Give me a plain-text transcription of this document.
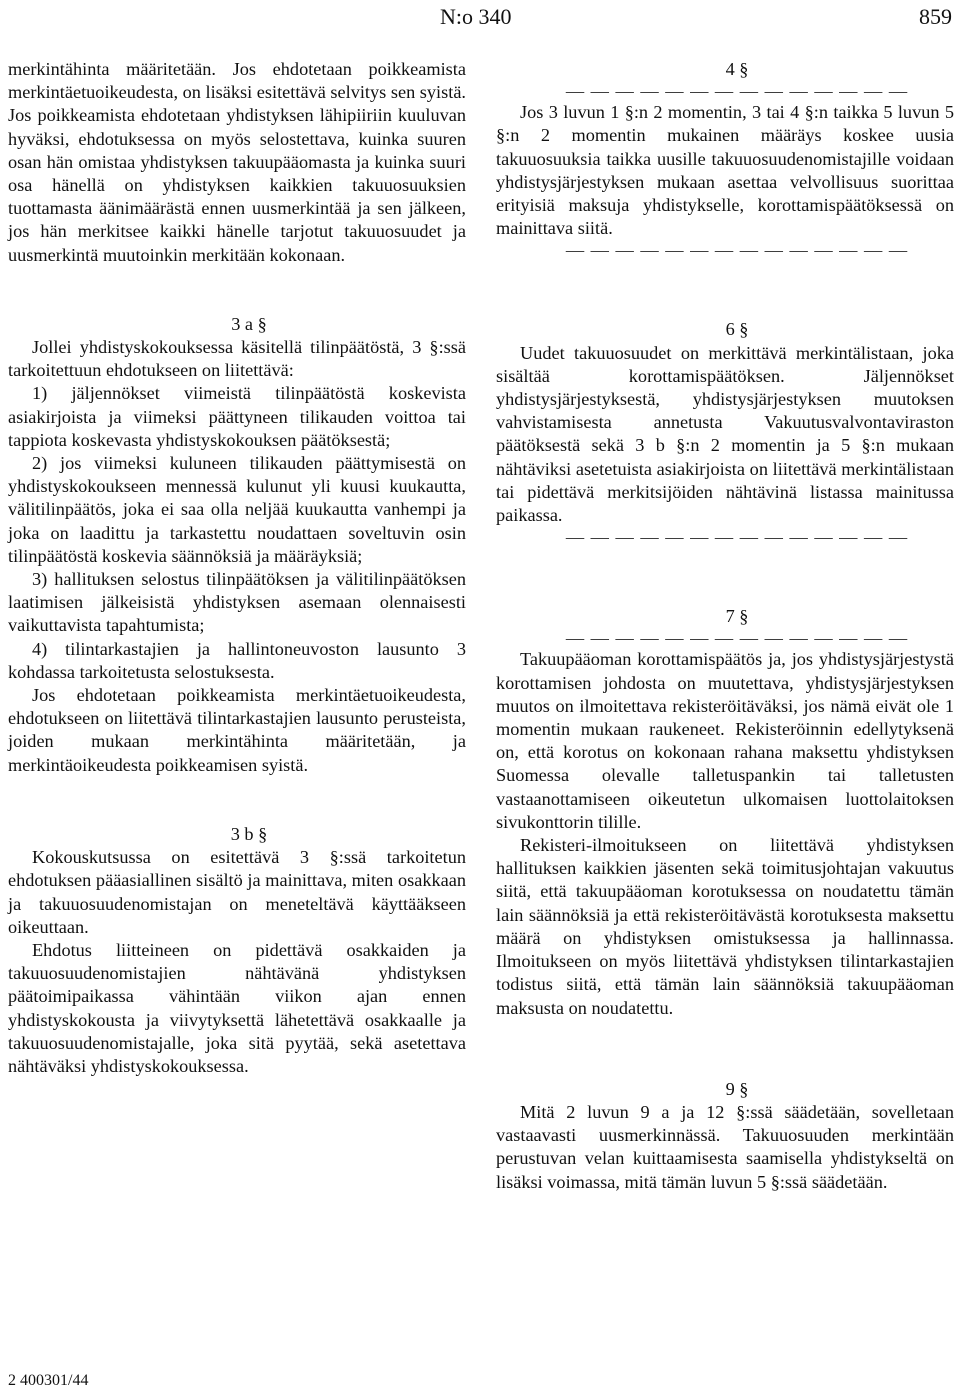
N:o 340	859

merkintähinta määritetään. Jos ehdotetaan poikkeamista merkintäetuoikeudesta, on lisäksi esitettävä selvitys sen syistä. Jos poikkeamista ehdotetaan yhdistyksen lähipiiriin kuuluvan hyväksi, ehdotuksessa on myös selostettava, kuinka suuren osan hän omistaa yhdistyksen takuupääomasta ja kuinka suuri osa hänellä on yhdistyksen kaikkien takuuosuuksien tuottamasta äänimäärästä ennen uusmerkintää ja sen jälkeen, jos hän merkitsee kaikki hänelle tarjotut takuuosuudet ja uusmerkintä muutoinkin merkitään kokonaan.

3 a §

Jollei yhdistyskokouksessa käsitellä tilinpäätöstä, 3 §:ssä tarkoitettuun ehdotukseen on liitettävä:

1) jäljennökset viimeistä tilinpäätöstä koskevista asiakirjoista ja viimeksi päättyneen tilikauden voittoa tai tappiota koskevasta yhdistyskokouksen päätöksestä;

2) jos viimeksi kuluneen tilikauden päättymisestä on yhdistyskokoukseen mennessä kulunut yli kuusi kuukautta, välitilinpäätös, joka ei saa olla neljää kuukautta vanhempi ja joka on laadittu ja tarkastettu noudattaen soveltuvin osin tilinpäätöstä koskevia säännöksiä ja määräyksiä;

3) hallituksen selostus tilinpäätöksen ja välitilinpäätöksen laatimisen jälkeisistä yhdistyksen asemaan olennaisesti vaikuttavista tapahtumista;

4) tilintarkastajien ja hallintoneuvoston lausunto 3 kohdassa tarkoitetusta selostuksesta.

Jos ehdotetaan poikkeamista merkintäetuoikeudesta, ehdotukseen on liitettävä tilintarkastajien lausunto perusteista, joiden mukaan merkintähinta määritetään, ja merkintäoikeudesta poikkeamisen syistä.

3 b §

Kokouskutsussa on esitettävä 3 §:ssä tarkoitetun ehdotuksen pääasiallinen sisältö ja mainittava, miten osakkaan ja takuuosuudenomistajan on meneteltävä käyttääkseen oikeuttaan.

Ehdotus liitteineen on pidettävä osakkaiden ja takuuosuudenomistajien nähtävänä yhdistyksen päätoimipaikassa vähintään viikon ajan ennen yhdistyskokousta ja viivytyksettä lähetettävä osakkaalle ja takuuosuudenomistajalle, joka sitä pyytää, sekä asetettava nähtäväksi yhdistyskokouksessa.

4 §

— — — — — — — — — — — — — —

Jos 3 luvun 1 §:n 2 momentin, 3 tai 4 §:n taikka 5 luvun 5 §:n 2 momentin mukainen määräys koskee uusia takuuosuuksia taikka uusille takuuosuudenomistajille voidaan yhdistysjärjestyksen mukaan asettaa velvollisuus suorittaa erityisiä maksuja yhdistykselle, korottamispäätöksessä on mainittava siitä.

— — — — — — — — — — — — — —

6 §

Uudet takuuosuudet on merkittävä merkintälistaan, joka sisältää korottamispäätöksen. Jäljennökset yhdistysjärjestyksestä, yhdistysjärjestyksen muutoksen vahvistamisesta annetusta Vakuutusvalvontaviraston päätöksestä sekä 3 b §:n 2 momentin ja 5 §:n mukaan nähtäviksi asetetuista asiakirjoista on liitettävä merkintälistaan tai pidettävä merkitsijöiden nähtävinä listassa mainitussa paikassa.

— — — — — — — — — — — — — —

7 §

— — — — — — — — — — — — — —

Takuupääoman korottamispäätös ja, jos yhdistysjärjestystä korottamisen johdosta on muutettava, yhdistysjärjestyksen muutos on ilmoitettava rekisteröitäväksi, jos nämä eivät ole 1 momentin mukaan raukeneet. Rekisteröinnin edellytyksenä on, että korotus on kokonaan rahana maksettu yhdistyksen Suomessa olevalle talletuspankin tai talletusten vastaanottamiseen oikeutetun ulkomaisen luottolaitoksen sivukonttorin tilille.

Rekisteri-ilmoitukseen on liitettävä yhdistyksen hallituksen kaikkien jäsenten sekä toimitusjohtajan vakuutus siitä, että takuupääoman korotuksessa on noudatettu tämän lain säännöksiä ja että rekisteröitävästä korotuksesta maksettu määrä on yhdistyksen omistuksessa ja hallinnassa. Ilmoitukseen on myös liitettävä yhdistyksen tilintarkastajien todistus siitä, että tämän lain säännöksiä takuupääoman maksusta on noudatettu.

9 §

Mitä 2 luvun 9 a ja 12 §:ssä säädetään, sovelletaan vastaavasti uusmerkinnässä. Takuuosuuden merkintään perustuvan velan kuittaamisesta saamisella yhdistykseltä on lisäksi voimassa, mitä tämän luvun 5 §:ssä säädetään.

2 400301/44
